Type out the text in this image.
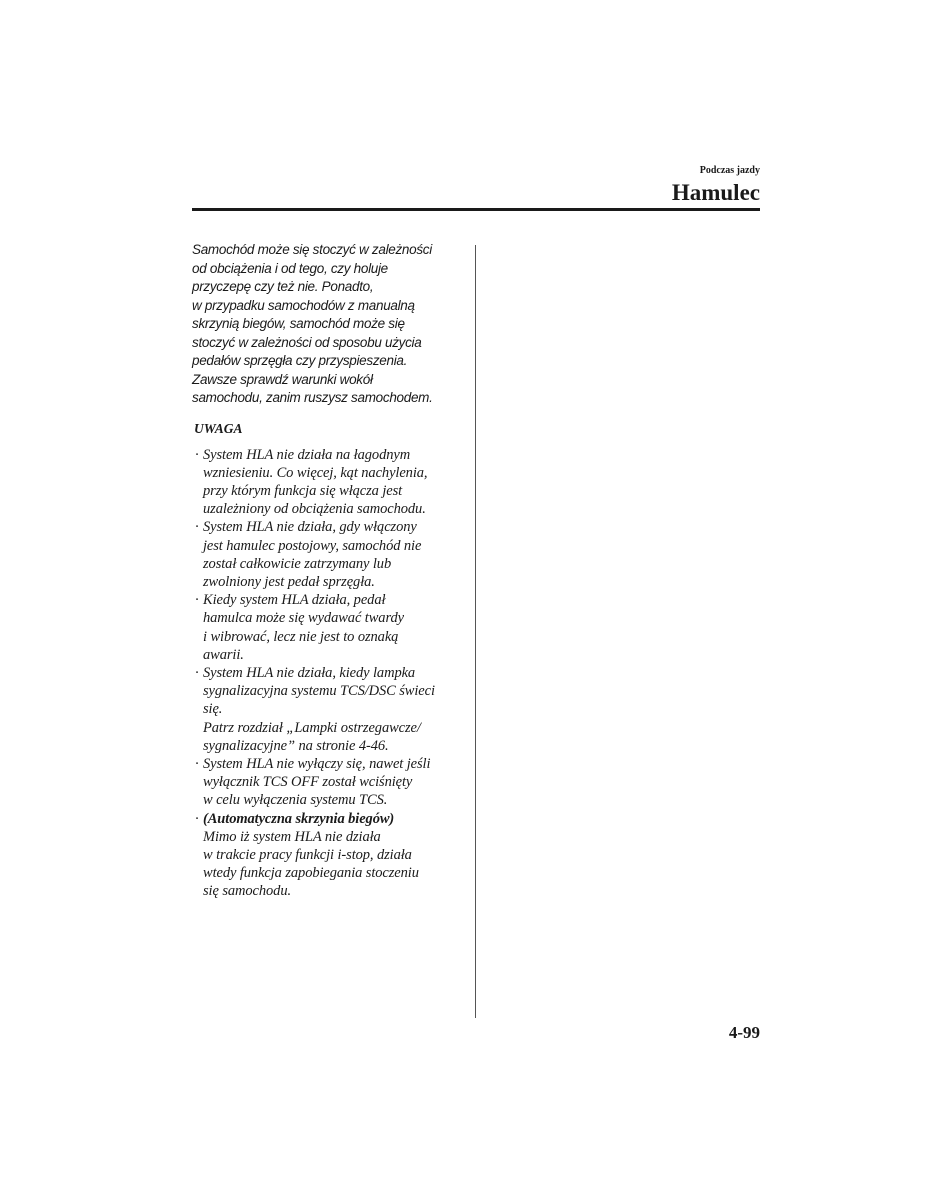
Podczas jazdy
Hamulec
Samochód może się stoczyć w zależności
od obciążenia i od tego, czy holuje
przyczepę czy też nie. Ponadto,
w przypadku samochodów z manualną
skrzynią biegów, samochód może się
stoczyć w zależności od sposobu użycia
pedałów sprzęgła czy przyspieszenia.
Zawsze sprawdź warunki wokół
samochodu, zanim ruszysz samochodem.
UWAGA
· System HLA nie działa na łagodnym
wzniesieniu. Co więcej, kąt nachylenia,
przy którym funkcja się włącza jest
uzależniony od obciążenia samochodu.
· System HLA nie działa, gdy włączony
jest hamulec postojowy, samochód nie
został całkowicie zatrzymany lub
zwolniony jest pedał sprzęgła.
· Kiedy system HLA działa, pedał
hamulca może się wydawać twardy
i wibrować, lecz nie jest to oznaką
awarii.
· System HLA nie działa, kiedy lampka
sygnalizacyjna systemu TCS/DSC świeci
się.
Patrz rozdział „Lampki ostrzegawcze/
sygnalizacyjne” na stronie 4-46.
· System HLA nie wyłączy się, nawet jeśli
wyłącznik TCS OFF został wciśnięty
w celu wyłączenia systemu TCS.
· (Automatyczna skrzynia biegów)
Mimo iż system HLA nie działa
w trakcie pracy funkcji i-stop, działa
wtedy funkcja zapobiegania stoczeniu
się samochodu.
4-99
